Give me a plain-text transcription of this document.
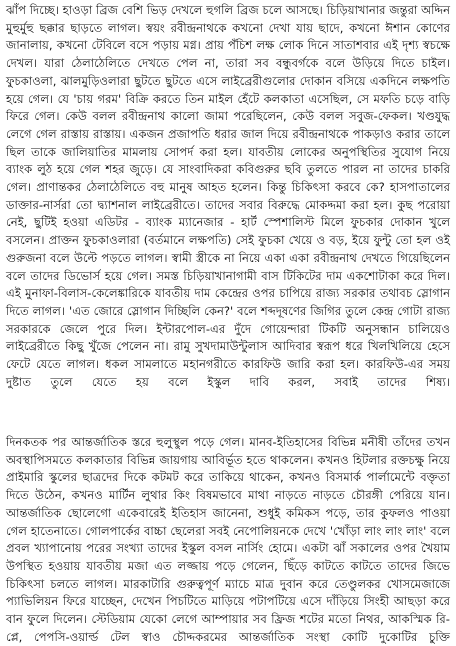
ঝাঁপ দিচ্ছে। হাওড়া ব্রিজ বেশি ভিড় দেখলে হুগলি ব্রিজ চলে আসছে। চিড়িয়াখানার জন্তুরা অদ্দিন মুহুর্মুহু ছক্কার ছাড়তে লাগল। স্বয়ং রবীন্দ্রনাথকে কখনো দেখা যায় ছাদে, কখনো ঈশান কোণের জানালায়, কখনো টেবিলে বসে পড়ায় মগ্ন। প্রায় পঁচিশ লক্ষ লোক দিনে সাতাশবার এই দৃশ্য স্বচক্ষে দেখল। যারা ঠেলাঠেলিতে দেখতে পেল না, তারা সব বন্ধুবর্গকে বলে উড়িয়ে দিতে চাইল। ফুচকাওলা, ঝালমুড়িওলারা ছুটতে ছুটতে এসে লাইব্রেরীগুলোর দোকান বসিয়ে একদিনে লক্ষপতি হয়ে গেল। যে 'চায় গরম' বিক্রি করতে তিন মাইল হেঁটে কলকাতা এসেছিল, সে মফতি চড়ে বাড়ি ফিরে গেল। কেউ বলল রবীন্দ্রনাথ কালো জামা পরেছিলেন, কেউ বলল সবুজ-ফেকল। খণ্ডযুদ্ধ লেগে গেল রাস্তায় রাস্তায়। একজন প্রজাপতি ধরার জাল দিয়ে রবীন্দ্রনাথকে পাকড়াও করার তালে ছিল তাকে জালিয়াতির মামলায় সোপর্দ করা হল। যাবতীয় লোকের অনুপস্থিতির সুযোগ নিয়ে ব্যাংক লুঠ হয়ে গেল শহর জুড়ে। যে সাংবাদিকরা কবিগুরুর ছবি তুলতে পারল না তাদের চাকরি গেল। প্রাণান্তকর ঠেলাঠেলিতে বহু মানুষ আহত হলেন। কিন্তু চিকিৎসা করবে কে? হাসপাতালের ডাক্তার-নার্সরা তো দ্ব্যাশনাল লাইব্রেরীতে। তাদের সবার বিরুদ্ধে মোকদ্দমা করা হল। কুছ পরোয়া নেই, ছুটিই হওয়া এডিটর - ব্যাংক ম্যানেজার - হার্ট স্পেশালিস্ট মিলে ফুচকার দোকান খুলে বসলেন। প্রাক্তন ফুচকাওলারা (বর্তমানে লক্ষপতি) সেই ফুচকা খেয়ে ও বড়, ইয়ে ফুন্টু তো হল ওই গুরুজনা বলে উল্টে পড়তে লাগল। স্বামী স্ত্রীকে না নিয়ে একা একা রবীন্দ্রনাথ দেখতে গিয়েছিলেন বলে তাদের ডিভোর্স হয়ে গেল। সমস্ত চিড়িয়াখানাগামী বাস টিকিটের দাম একশোটাকা করে দিল। এই মুনাফা-বিলাস-কেলেঙ্কারিকে যাবতীয় দাম কেন্দ্রের ওপর চাপিয়ে রাজ্য সরকার তথাবচ স্লোগান দিতে লাগল। 'এত জোরে স্লোগান দিচ্ছিলি কেন?' বলে শব্দদূষণের জিগির তুলে কেন্দ্র গোটা রাজ্য সরকারকে জেলে পুরে দিল। ইন্টারপোল-এর দুঁদে গোয়েন্দারা টিকটি অনুসন্ধান চালিয়েও লাইব্রেরীতে কিছু খুঁজে পেলেন না। রামু সুখদামাউন্টুলাস আদিবার স্বরূপ ধরে খিলখিলিয়ে হেসে ফেটে যেতে লাগল। ধকল সামলাতে মহানগরীতে কারফিউ জারি করা হল। কারফিউ-এর সময় দুষ্টাত তুলে যেতে হয় বলে ইস্কুল দাবি করল, সবাই তাদের শিষ্য।

দিনকতক পর আন্তর্জাতিক স্তরে হুলুস্থুল পড়ে গেল। মানব-ইতিহাসের বিভিন্ন মনীষী তাঁদের তখন অবস্থাপিসমতে কলকাতার বিভিন্ন জায়গায় আবির্ভূত হতে থাকলেন। কখনও হিটলার রক্তচক্ষু নিয়ে প্রাইমারি স্কুলের ছাত্রদের দিকে কটমট করে তাকিয়ে থাকেন, কখনও বিসমার্ক পার্লামেন্টে বক্তৃতা দিতে উঠেন, কখনও মার্টিন লুথার কিং বিষমভাবে মাথা নাড়তে নাড়তে চৌরঙ্গী পেরিয়ে যান। আন্তর্জাতিক ছোলেগো একেবারেই ইতিহাস জানেনা, শুধুই কমিকস পড়ে, তার কুফলও পাওয়া গেল হাতেনাতে। গোলপার্কের বাচ্চা ছেলেরা সবই নেপোলিয়নকে দেখে 'খোঁড়া লাং লাং লাং' বলে প্রবল খ্যাপানোয় পরের সংখ্যা তাদের ইস্কুল বসল নার্সিং হোমে। একটা ঝাঁ সকালের ওপর খৈয়াম উপস্থিত হওয়ায় যাবতীয় মজা এত লজ্জায় পড়ে গেলেন, ছিঁড়ে কাটতে কাটতে তাদের জিভে চিকিৎসা চলতে লাগল। মারকাটারি গুরুত্বপূর্ণ ম্যাচে মাত্র দুবান করে তেণ্ডুলকর খোসমেজাজে প্যাভিলিয়ন ফিরে যাচ্ছেন, দেখেন পিচটিতে মাড়িয়ে পটাপটিয়ে এসে দাঁড়িয়ে সিংহী আছড়া করে বান ফুলে দিলেন। স্টেডিয়াম যেকো লেগে আম্পায়ার সব ফ্রিজ শটের মতো নিথর, আকস্মিক রি-প্লে, পেপসি-ওয়ার্ল্ড টেল স্বাও চৌদ্দকরমের আন্তর্জাতিক সংস্থা কোটি দুকোটির চুক্তি
